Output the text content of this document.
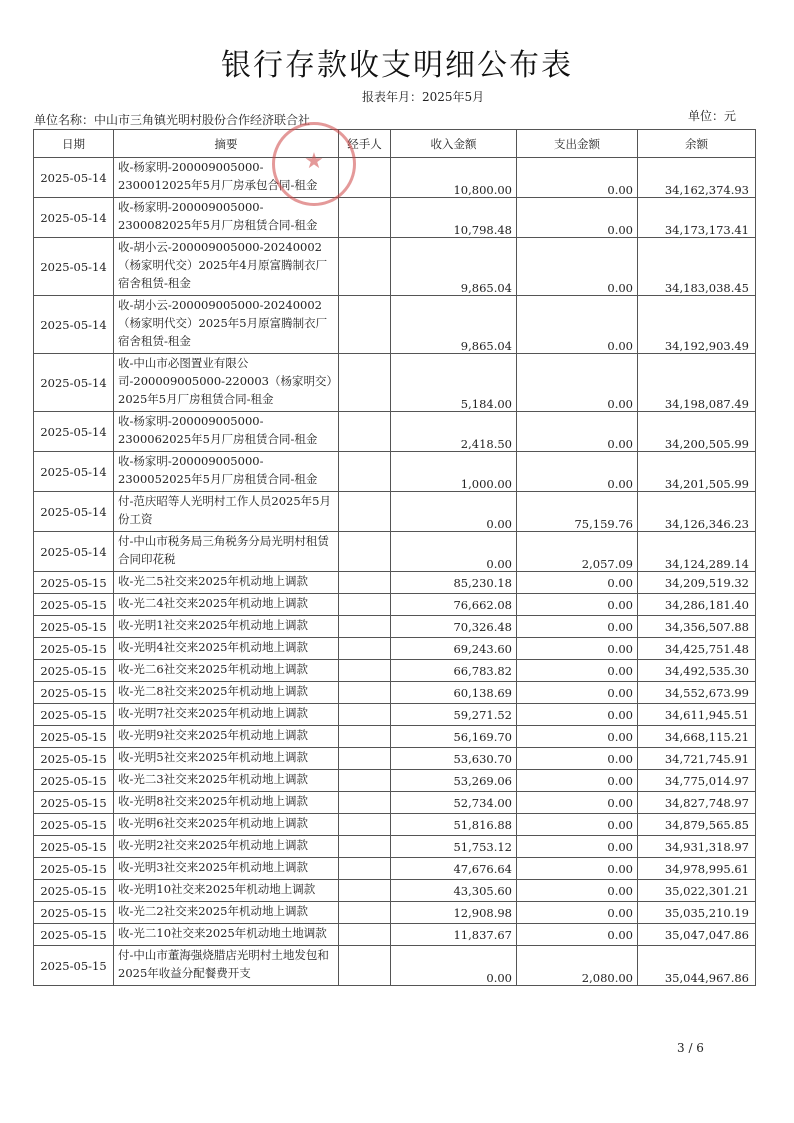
银行存款收支明细公布表
报表年月：2025年5月
单位名称：中山市三角镇光明村股份合作经济联合社	单位：元
日期	摘要	经手人	收入金额	支出金额	余额
2025-05-14	收-杨家明-200009005000-2300012025年5月厂房承包合同-租金		10,800.00	0.00	34,162,374.93
2025-05-14	收-杨家明-200009005000-2300082025年5月厂房租赁合同-租金		10,798.48	0.00	34,173,173.41
2025-05-14	收-胡小云-200009005000-20240002（杨家明代交）2025年4月原富腾制衣厂宿舍租赁-租金		9,865.04	0.00	34,183,038.45
2025-05-14	收-胡小云-200009005000-20240002（杨家明代交）2025年5月原富腾制衣厂宿舍租赁-租金		9,865.04	0.00	34,192,903.49
2025-05-14	收-中山市必图置业有限公司-200009005000-220003（杨家明交）2025年5月厂房租赁合同-租金		5,184.00	0.00	34,198,087.49
2025-05-14	收-杨家明-200009005000-2300062025年5月厂房租赁合同-租金		2,418.50	0.00	34,200,505.99
2025-05-14	收-杨家明-200009005000-2300052025年5月厂房租赁合同-租金		1,000.00	0.00	34,201,505.99
2025-05-14	付-范庆昭等人光明村工作人员2025年5月份工资		0.00	75,159.76	34,126,346.23
2025-05-14	付-中山市税务局三角税务分局光明村租赁合同印花税		0.00	2,057.09	34,124,289.14
2025-05-15	收-光二5社交来2025年机动地上调款		85,230.18	0.00	34,209,519.32
2025-05-15	收-光二4社交来2025年机动地上调款		76,662.08	0.00	34,286,181.40
2025-05-15	收-光明1社交来2025年机动地上调款		70,326.48	0.00	34,356,507.88
2025-05-15	收-光明4社交来2025年机动地上调款		69,243.60	0.00	34,425,751.48
2025-05-15	收-光二6社交来2025年机动地上调款		66,783.82	0.00	34,492,535.30
2025-05-15	收-光二8社交来2025年机动地上调款		60,138.69	0.00	34,552,673.99
2025-05-15	收-光明7社交来2025年机动地上调款		59,271.52	0.00	34,611,945.51
2025-05-15	收-光明9社交来2025年机动地上调款		56,169.70	0.00	34,668,115.21
2025-05-15	收-光明5社交来2025年机动地上调款		53,630.70	0.00	34,721,745.91
2025-05-15	收-光二3社交来2025年机动地上调款		53,269.06	0.00	34,775,014.97
2025-05-15	收-光明8社交来2025年机动地上调款		52,734.00	0.00	34,827,748.97
2025-05-15	收-光明6社交来2025年机动地上调款		51,816.88	0.00	34,879,565.85
2025-05-15	收-光明2社交来2025年机动地上调款		51,753.12	0.00	34,931,318.97
2025-05-15	收-光明3社交来2025年机动地上调款		47,676.64	0.00	34,978,995.61
2025-05-15	收-光明10社交来2025年机动地上调款		43,305.60	0.00	35,022,301.21
2025-05-15	收-光二2社交来2025年机动地上调款		12,908.98	0.00	35,035,210.19
2025-05-15	收-光二10社交来2025年机动地土地调款		11,837.67	0.00	35,047,047.86
2025-05-15	付-中山市董海强烧腊店光明村土地发包和2025年收益分配餐费开支		0.00	2,080.00	35,044,967.86
★
3 / 6
